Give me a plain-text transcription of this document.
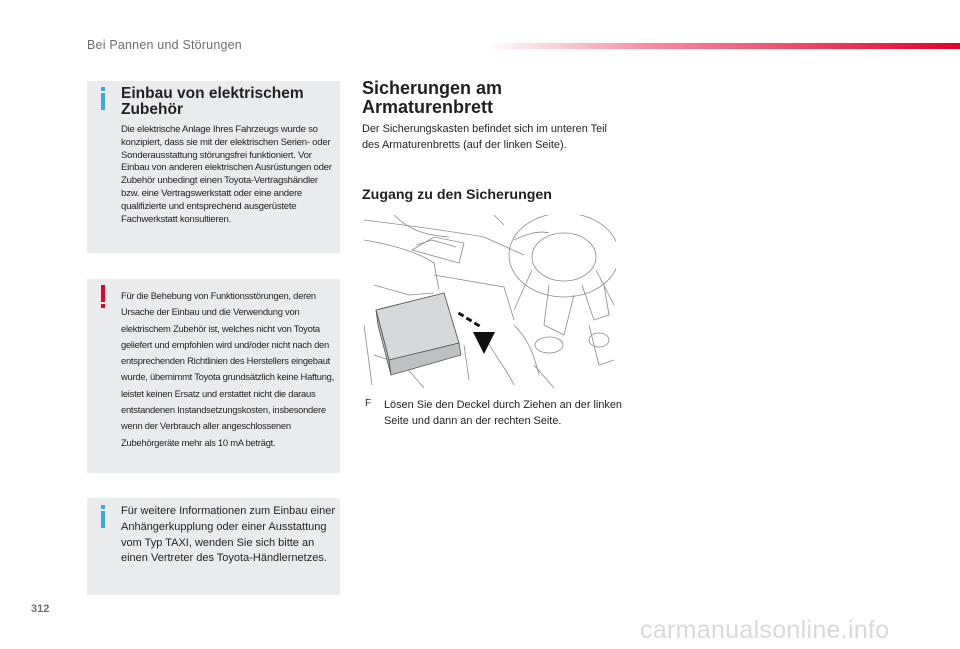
Bei Pannen und Störungen
Einbau von elektrischem Zubehör
Die elektrische Anlage Ihres Fahrzeugs wurde so konzipiert, dass sie mit der elektrischen Serien- oder Sonderausstattung störungsfrei funktioniert. Vor Einbau von anderen elektrischen Ausrüstungen oder Zubehör unbedingt einen Toyota-Vertragshändler bzw. eine Vertragswerkstatt oder eine andere qualifizierte und entsprechend ausgerüstete Fachwerkstatt konsultieren.
Für die Behebung von Funktionsstörungen, deren Ursache der Einbau und die Verwendung von elektrischem Zubehör ist, welches nicht von Toyota geliefert und empfohlen wird und/oder nicht nach den entsprechenden Richtlinien des Herstellers eingebaut wurde, übernimmt Toyota grundsätzlich keine Haftung, leistet keinen Ersatz und erstattet nicht die daraus entstandenen Instandsetzungskosten, insbesondere wenn der Verbrauch aller angeschlossenen Zubehörgeräte mehr als 10 mA beträgt.
Für weitere Informationen zum Einbau einer Anhängerkupplung oder einer Ausstattung vom Typ TAXI, wenden Sie sich bitte an einen Vertreter des Toyota-Händlernetzes.
Sicherungen am Armaturenbrett
Der Sicherungskasten befindet sich im unteren Teil des Armaturenbretts (auf der linken Seite).
Zugang zu den Sicherungen
F Lösen Sie den Deckel durch Ziehen an der linken Seite und dann an der rechten Seite.
312
carmanualsonline.info
